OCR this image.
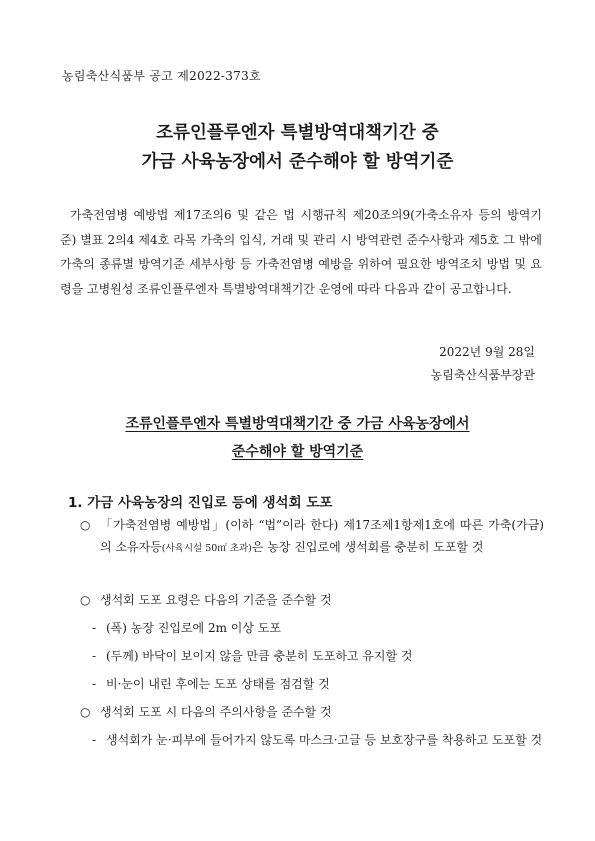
농림축산식품부 공고 제2022-373호
조류인플루엔자 특별방역대책기간 중
가금 사육농장에서 준수해야 할 방역기준

가축전염병 예방법 제17조의6 및 같은 법 시행규칙 제20조의9(가축소유자 등의 방역기준) 별표 2의4 제4호 라목 가축의 입식, 거래 및 관리 시 방역관련 준수사항과 제5호 그 밖에 가축의 종류별 방역기준 세부사항 등 가축전염병 예방을 위하여 필요한 방역조치 방법 및 요령을 고병원성 조류인플루엔자 특별방역대책기간 운영에 따라 다음과 같이 공고합니다.

2022년 9월 28일
농림축산식품부장관
조류인플루엔자 특별방역대책기간 중 가금 사육농장에서
준수해야 할 방역기준
1. 가금 사육농장의 진입로 등에 생석회 도포
○ 「가축전염병 예방법」(이하 “법”이라 한다) 제17조제1항제1호에 따른 가축(가금)의 소유자등(사육시설 50㎡ 초과)은 농장 진입로에 생석회를 충분히 도포할 것
○ 생석회 도포 요령은 다음의 기준을 준수할 것
- (폭) 농장 진입로에 2m 이상 도포
- (두께) 바닥이 보이지 않을 만큼 충분히 도포하고 유지할 것
- 비·눈이 내린 후에는 도포 상태를 점검할 것
○ 생석회 도포 시 다음의 주의사항을 준수할 것
- 생석회가 눈·피부에 들어가지 않도록 마스크·고글 등 보호장구를 착용하고 도포할 것
